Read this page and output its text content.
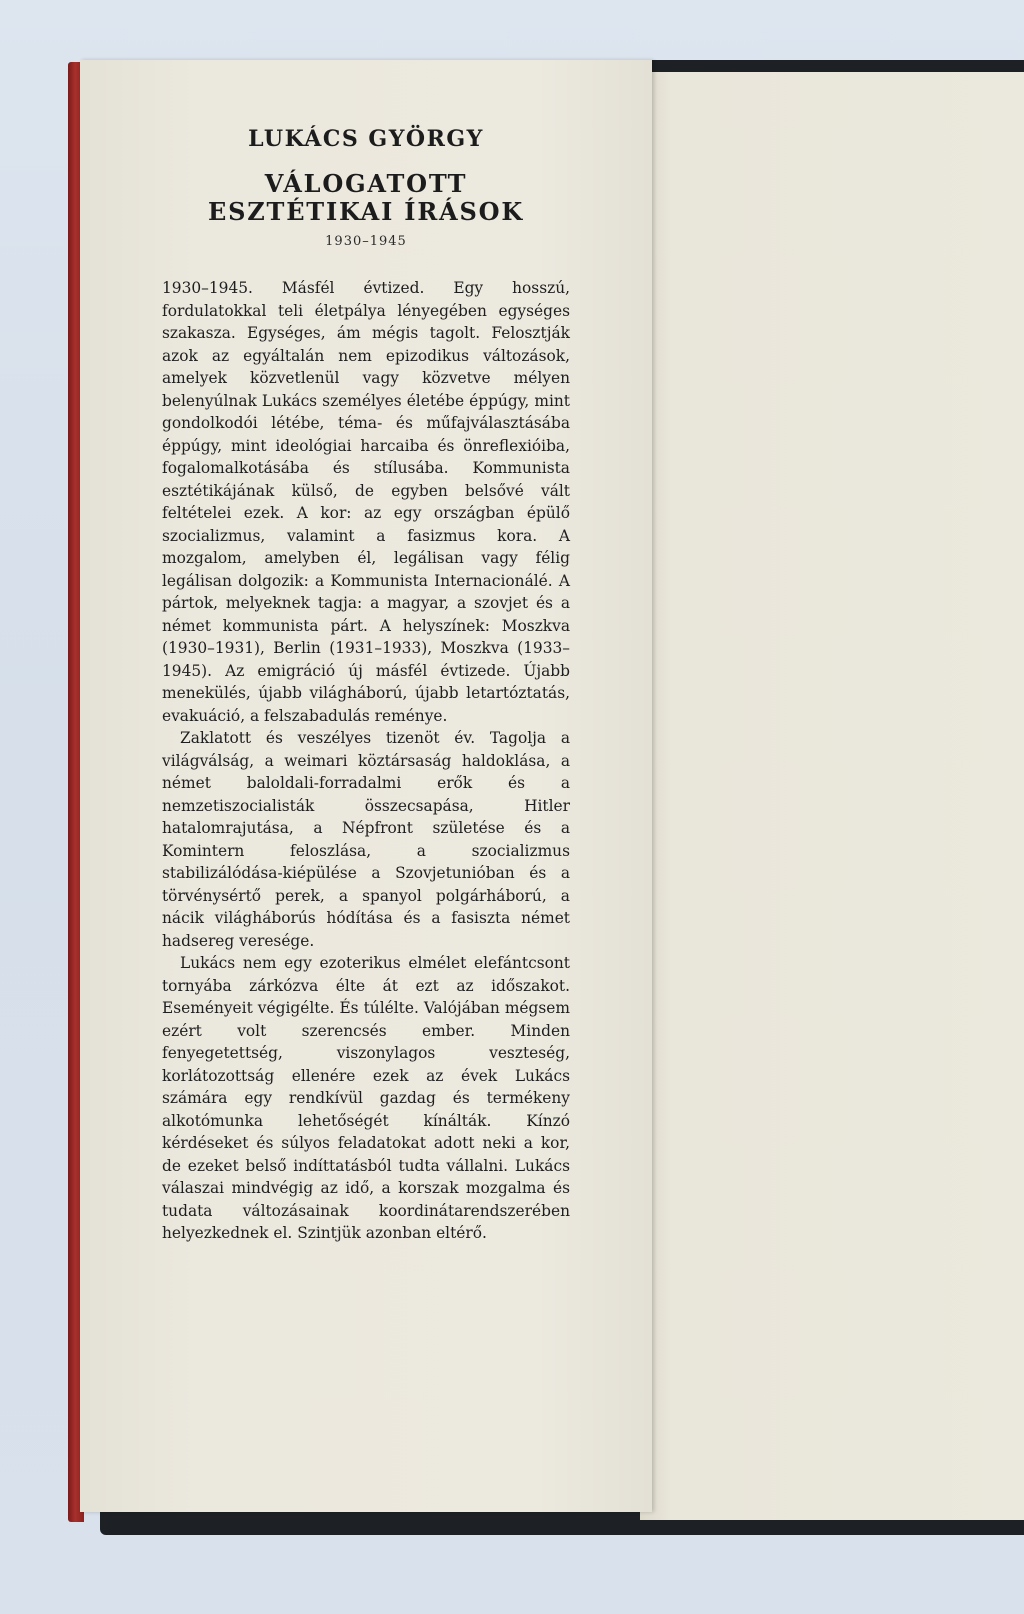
LUKÁCS GYÖRGY
VÁLOGATOTT
ESZTÉTIKAI ÍRÁSOK
1930–1945

1930–1945. Másfél évtized. Egy hosszú, fordulatokkal teli életpálya lényegében egységes szakasza. Egységes, ám mégis tagolt. Felosztják azok az egyáltalán nem epizodikus változások, amelyek közvetlenül vagy közvetve mélyen belenyúlnak Lukács személyes életébe éppúgy, mint gondolkodói létébe, téma- és műfajválasztásába éppúgy, mint ideológiai harcaiba és önreflexióiba, fogalomalkotásába és stílusába. Kommunista esztétikájának külső, de egyben belsővé vált feltételei ezek. A kor: az egy országban épülő szocializmus, valamint a fasizmus kora. A mozgalom, amelyben él, legálisan vagy félig legálisan dolgozik: a Kommunista Internacionálé. A pártok, melyeknek tagja: a magyar, a szovjet és a német kommunista párt. A helyszínek: Moszkva (1930–1931), Berlin (1931–1933), Moszkva (1933–1945). Az emigráció új másfél évtizede. Újabb menekülés, újabb világháború, újabb letartóztatás, evakuáció, a felszabadulás reménye.

Zaklatott és veszélyes tizenöt év. Tagolja a világválság, a weimari köztársaság haldoklása, a német baloldali-forradalmi erők és a nemzetiszocialisták összecsapása, Hitler hatalomrajutása, a Népfront születése és a Komintern feloszlása, a szocializmus stabilizálódása-kiépülése a Szovjetunióban és a törvénysértő perek, a spanyol polgárháború, a nácik világháborús hódítása és a fasiszta német hadsereg veresége.

Lukács nem egy ezoterikus elmélet elefántcsont tornyába zárkózva élte át ezt az időszakot. Eseményeit végigélte. És túlélte. Valójában mégsem ezért volt szerencsés ember. Minden fenyegetettség, viszonylagos veszteség, korlátozottság ellenére ezek az évek Lukács számára egy rendkívül gazdag és termékeny alkotómunka lehetőségét kínálták. Kínzó kérdéseket és súlyos feladatokat adott neki a kor, de ezeket belső indíttatásból tudta vállalni. Lukács válaszai mindvégig az idő, a korszak mozgalma és tudata változásainak koordinátarendszerében helyezkednek el. Szintjük azonban eltérő.
